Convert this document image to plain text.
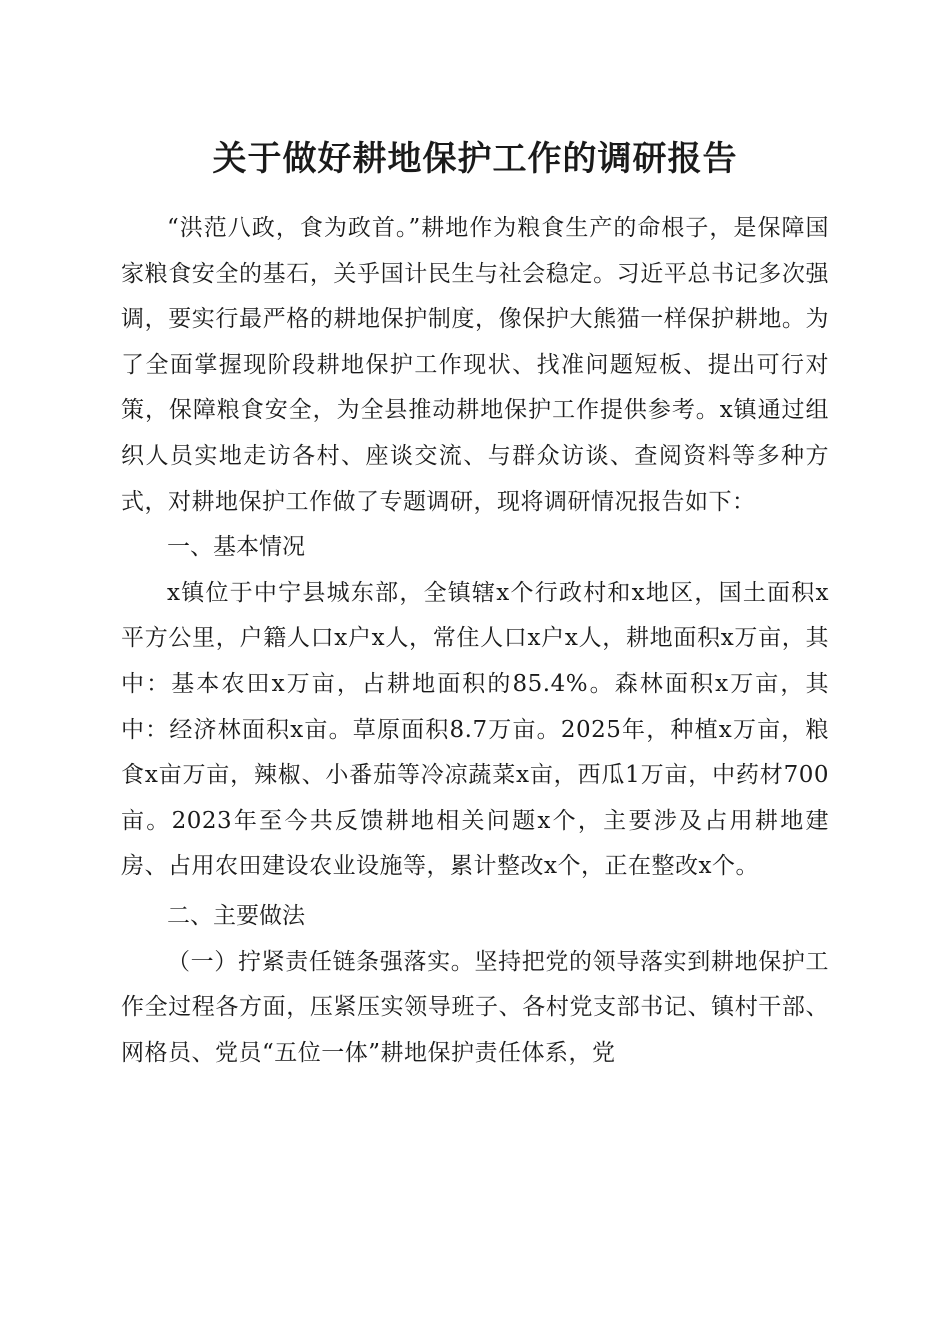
关于做好耕地保护工作的调研报告

“洪范八政，食为政首。”耕地作为粮食生产的命根子，是保障国家粮食安全的基石，关乎国计民生与社会稳定。习近平总书记多次强调，要实行最严格的耕地保护制度，像保护大熊猫一样保护耕地。为了全面掌握现阶段耕地保护工作现状、找准问题短板、提出可行对策，保障粮食安全，为全县推动耕地保护工作提供参考。x镇通过组织人员实地走访各村、座谈交流、与群众访谈、查阅资料等多种方式，对耕地保护工作做了专题调研，现将调研情况报告如下：

一、基本情况

x镇位于中宁县城东部，全镇辖x个行政村和x地区，国土面积x平方公里，户籍人口x户x人，常住人口x户x人，耕地面积x万亩，其中：基本农田x万亩，占耕地面积的85.4%。森林面积x万亩，其中：经济林面积x亩。草原面积8.7万亩。2025年，种植x万亩，粮食x亩万亩，辣椒、小番茄等冷凉蔬菜x亩，西瓜1万亩，中药材700亩。2023年至今共反馈耕地相关问题x个，主要涉及占用耕地建房、占用农田建设农业设施等，累计整改x个，正在整改x个。

二、主要做法

（一）拧紧责任链条强落实。坚持把党的领导落实到耕地保护工作全过程各方面，压紧压实领导班子、各村党支部书记、镇村干部、网格员、党员“五位一体”耕地保护责任体系，党
